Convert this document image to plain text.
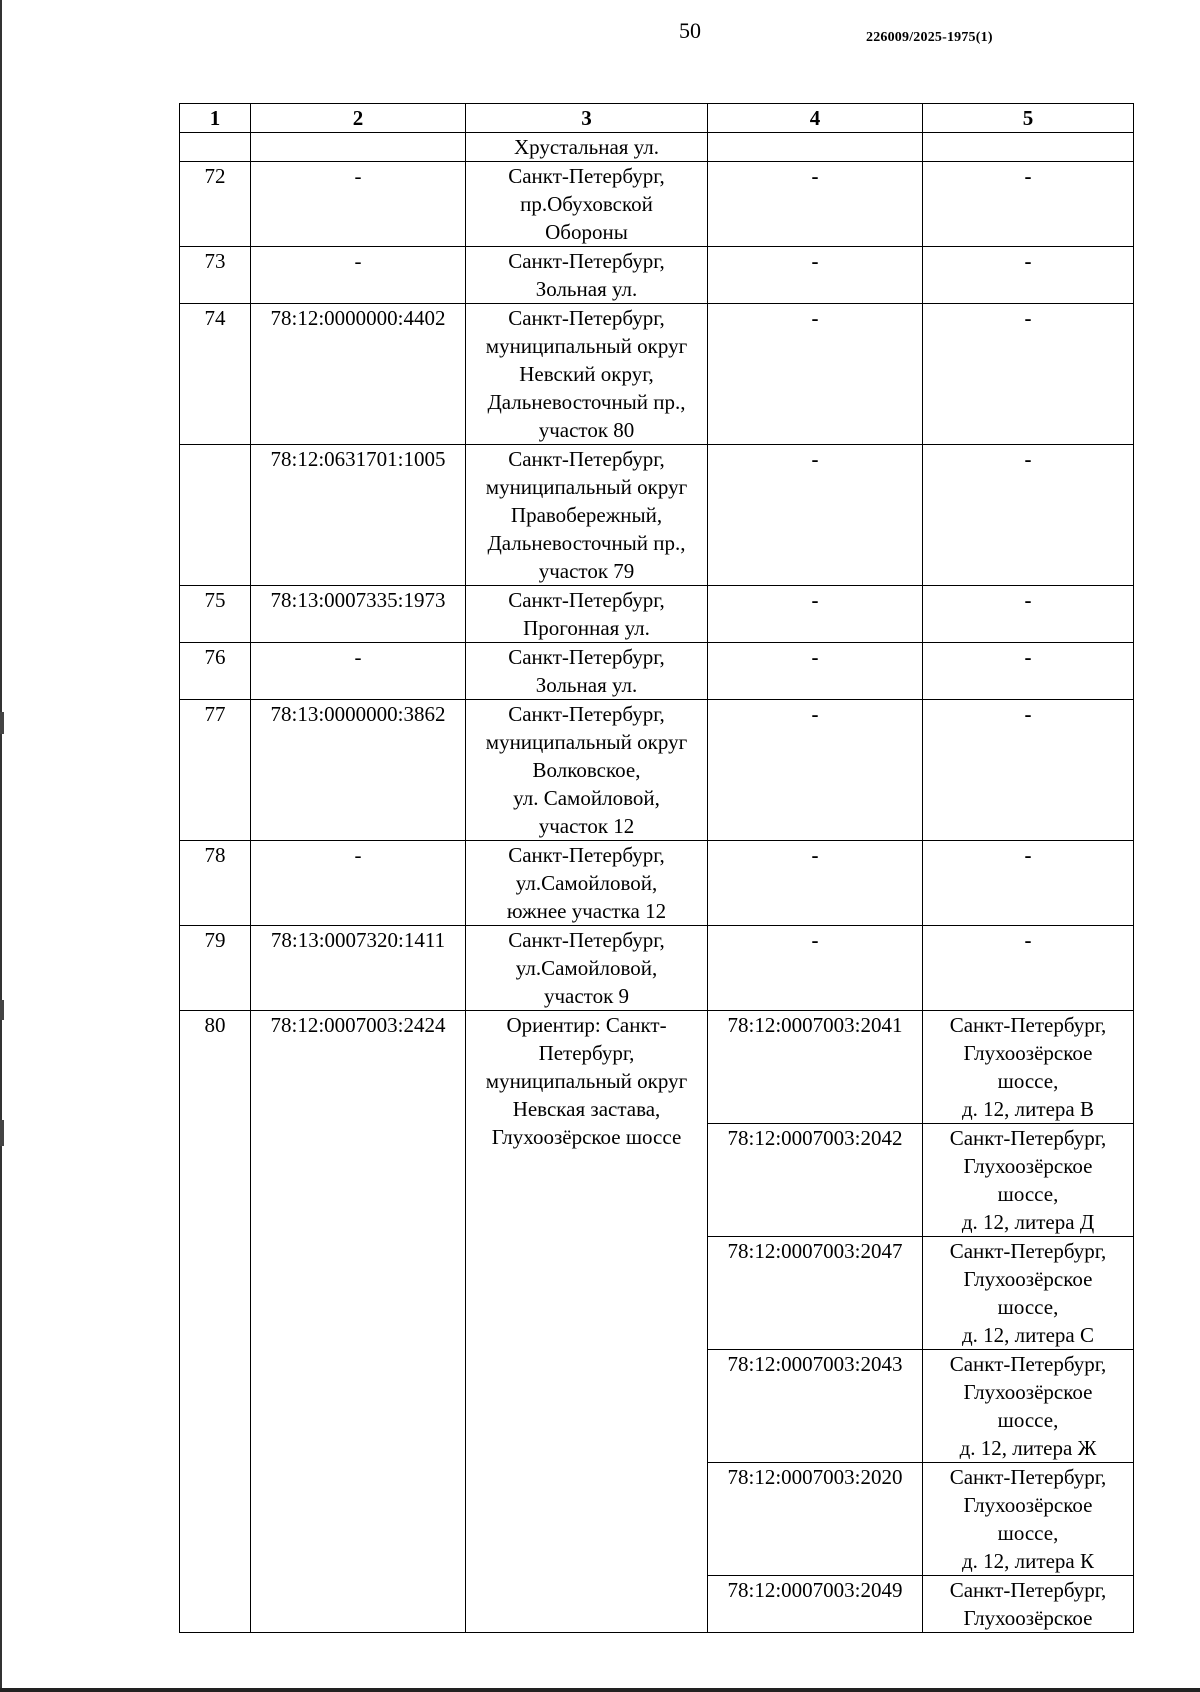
50	226009/2025-1975(1)
1	2	3	4	5

		Хрустальная ул.		

72	-	Санкт-Петербург,
пр.Обуховской
Обороны	-	-
73	-	Санкт-Петербург,
Зольная ул.	-	-
74	78:12:0000000:4402	Санкт-Петербург,
муниципальный округ
Невский округ,
Дальневосточный пр.,
участок 80	-	-
	78:12:0631701:1005	Санкт-Петербург,
муниципальный округ
Правобережный,
Дальневосточный пр.,
участок 79	-	-
75	78:13:0007335:1973	Санкт-Петербург,
Прогонная ул.	-	-
76	-	Санкт-Петербург,
Зольная ул.	-	-
77	78:13:0000000:3862	Санкт-Петербург,
муниципальный округ
Волковское,
ул. Самойловой,
участок 12	-	-
78	-	Санкт-Петербург,
ул.Самойловой,
южнее участка 12	-	-
79	78:13:0007320:1411	Санкт-Петербург,
ул.Самойловой,
участок 9	-	-
80	78:12:0007003:2424	Ориентир: Санкт-
Петербург,
муниципальный округ
Невская застава,
Глухоозёрское шоссе	78:12:0007003:2041	Санкт-Петербург,
Глухоозёрское
шоссе,
д. 12, литера В

			78:12:0007003:2042	Санкт-Петербург,
Глухоозёрское
шоссе,
д. 12, литера Д

			78:12:0007003:2047	Санкт-Петербург,
Глухоозёрское
шоссе,
д. 12, литера С

			78:12:0007003:2043	Санкт-Петербург,
Глухоозёрское
шоссе,
д. 12, литера Ж

			78:12:0007003:2020	Санкт-Петербург,
Глухоозёрское
шоссе,
д. 12, литера К

			78:12:0007003:2049	Санкт-Петербург,
Глухоозёрское
